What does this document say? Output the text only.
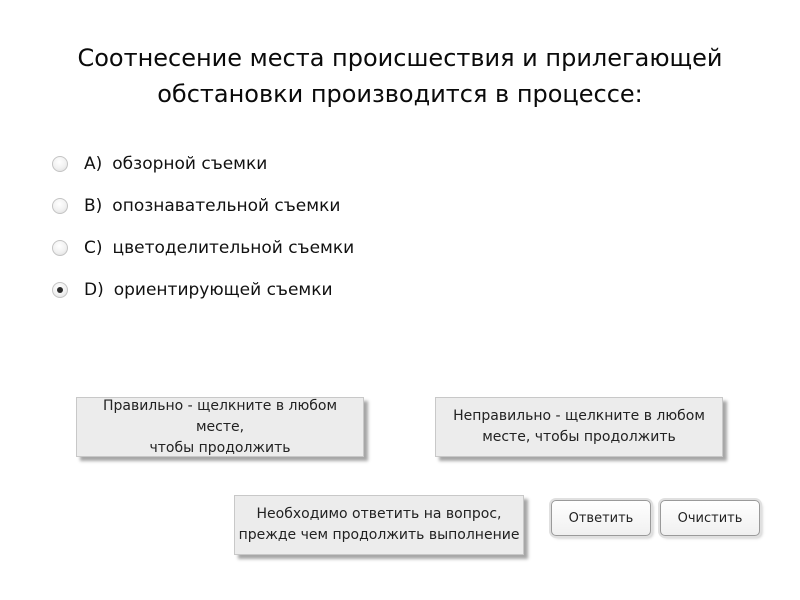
Соотнесение места происшествия и прилегающей
обстановки производится в процессе:
A) обзорной съемки
B) опознавательной съемки
C) цветоделительной съемки
D) ориентирующей съемки
Правильно - щелкните в любом месте,
чтобы продолжить
Неправильно - щелкните в любом
месте, чтобы продолжить
Необходимо ответить на вопрос,
прежде чем продолжить выполнение
Ответить	Очистить
